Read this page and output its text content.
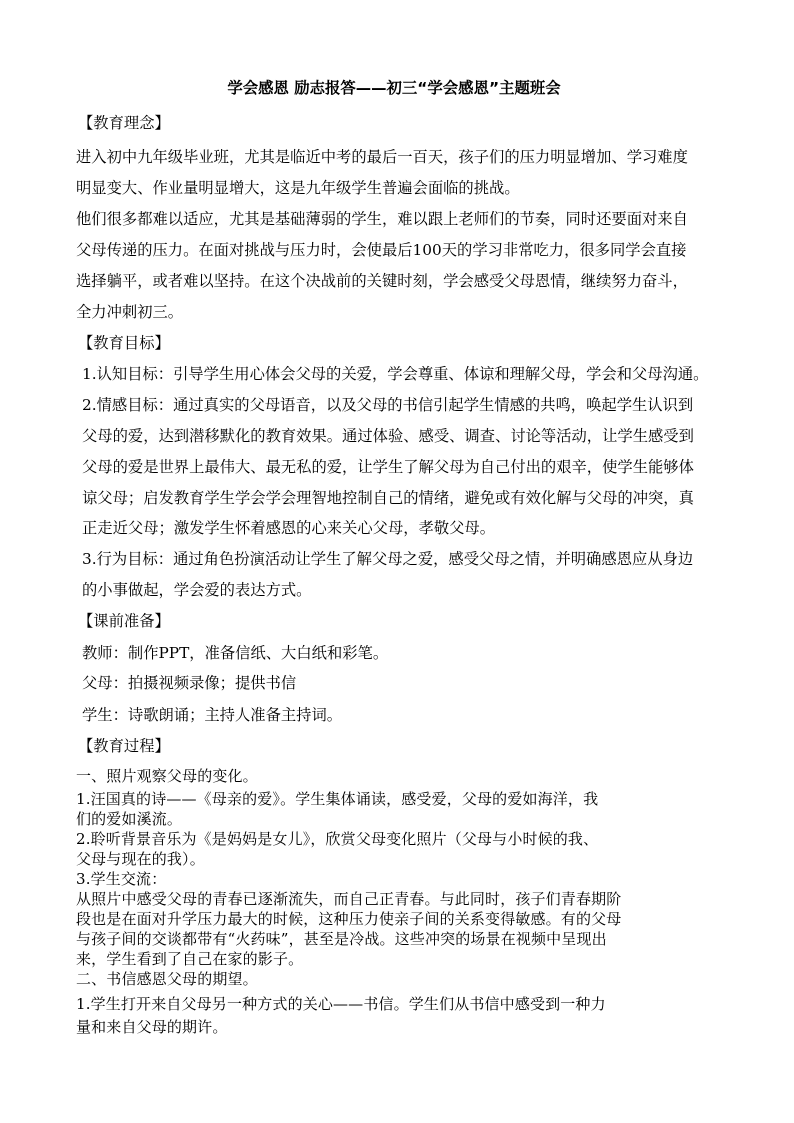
学会感恩 励志报答——初三“学会感恩”主题班会
【教育理念】
进入初中九年级毕业班，尤其是临近中考的最后一百天，孩子们的压力明显增加、学习难度
明显变大、作业量明显增大，这是九年级学生普遍会面临的挑战。
他们很多都难以适应，尤其是基础薄弱的学生，难以跟上老师们的节奏，同时还要面对来自
父母传递的压力。在面对挑战与压力时，会使最后100天的学习非常吃力，很多同学会直接
选择躺平，或者难以坚持。在这个决战前的关键时刻，学会感受父母恩情，继续努力奋斗，
全力冲刺初三。
【教育目标】
1.认知目标：引导学生用心体会父母的关爱，学会尊重、体谅和理解父母，学会和父母沟通。
2.情感目标：通过真实的父母语音，以及父母的书信引起学生情感的共鸣，唤起学生认识到
父母的爱，达到潜移默化的教育效果。通过体验、感受、调查、讨论等活动，让学生感受到
父母的爱是世界上最伟大、最无私的爱，让学生了解父母为自己付出的艰辛，使学生能够体
谅父母；启发教育学生学会学会理智地控制自己的情绪，避免或有效化解与父母的冲突，真
正走近父母；激发学生怀着感恩的心来关心父母，孝敬父母。
3.行为目标：通过角色扮演活动让学生了解父母之爱，感受父母之情，并明确感恩应从身边
的小事做起，学会爱的表达方式。
【课前准备】
教师：制作PPT，准备信纸、大白纸和彩笔。
父母：拍摄视频录像；提供书信
学生：诗歌朗诵；主持人准备主持词。
【教育过程】
一、照片观察父母的变化。
1.汪国真的诗——《母亲的爱》。学生集体诵读，感受爱，父母的爱如海洋，我
们的爱如溪流。
2.聆听背景音乐为《是妈妈是女儿》，欣赏父母变化照片（父母与小时候的我、
父母与现在的我）。
3.学生交流：
从照片中感受父母的青春已逐渐流失，而自己正青春。与此同时，孩子们青春期阶
段也是在面对升学压力最大的时候，这种压力使亲子间的关系变得敏感。有的父母
与孩子间的交谈都带有“火药味”，甚至是冷战。这些冲突的场景在视频中呈现出
来，学生看到了自己在家的影子。
二、书信感恩父母的期望。
1.学生打开来自父母另一种方式的关心——书信。学生们从书信中感受到一种力
量和来自父母的期许。
